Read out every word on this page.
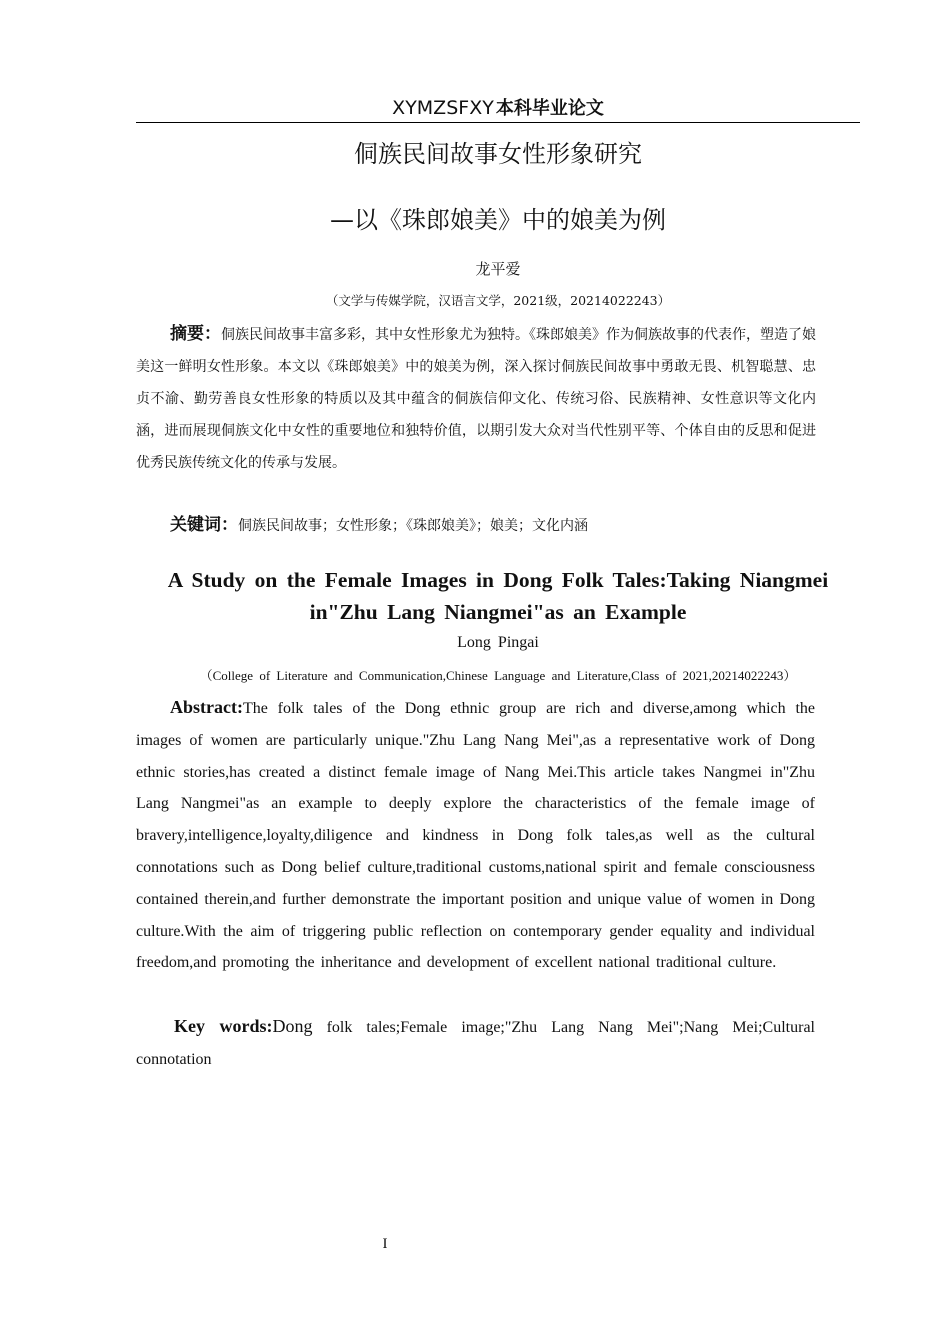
XYMZSFXY 本科毕业论文
侗族民间故事女性形象研究
—以《珠郎娘美》中的娘美为例
龙平爱
（文学与传媒学院，汉语言文学，2021级，20214022243）
摘要：侗族民间故事丰富多彩，其中女性形象尤为独特。《珠郎娘美》作为侗族故事的代表作，塑造了娘美这一鲜明女性形象。本文以《珠郎娘美》中的娘美为例，深入探讨侗族民间故事中勇敢无畏、机智聪慧、忠贞不渝、勤劳善良女性形象的特质以及其中蕴含的侗族信仰文化、传统习俗、民族精神、女性意识等文化内涵，进而展现侗族文化中女性的重要地位和独特价值，以期引发大众对当代性别平等、个体自由的反思和促进优秀民族传统文化的传承与发展。
关键词：侗族民间故事；女性形象；《珠郎娘美》；娘美；文化内涵
A Study on the Female Images in Dong Folk Tales:Taking Niangmei in"Zhu Lang Niangmei"as an Example
Long Pingai
（College of Literature and Communication,Chinese Language and Literature,Class of 2021,20214022243）
Abstract:The folk tales of the Dong ethnic group are rich and diverse,among which the images of women are particularly unique."Zhu Lang Nang Mei",as a representative work of Dong ethnic stories,has created a distinct female image of Nang Mei.This article takes Nangmei in"Zhu Lang Nangmei"as an example to deeply explore the characteristics of the female image of bravery,intelligence,loyalty,diligence and kindness in Dong folk tales,as well as the cultural connotations such as Dong belief culture,traditional customs,national spirit and female consciousness contained therein,and further demonstrate the important position and unique value of women in Dong culture.With the aim of triggering public reflection on contemporary gender equality and individual freedom,and promoting the inheritance and development of excellent national traditional culture.
Key words:Dong folk tales;Female image;"Zhu Lang Nang Mei";Nang Mei;Cultural connotation
I
